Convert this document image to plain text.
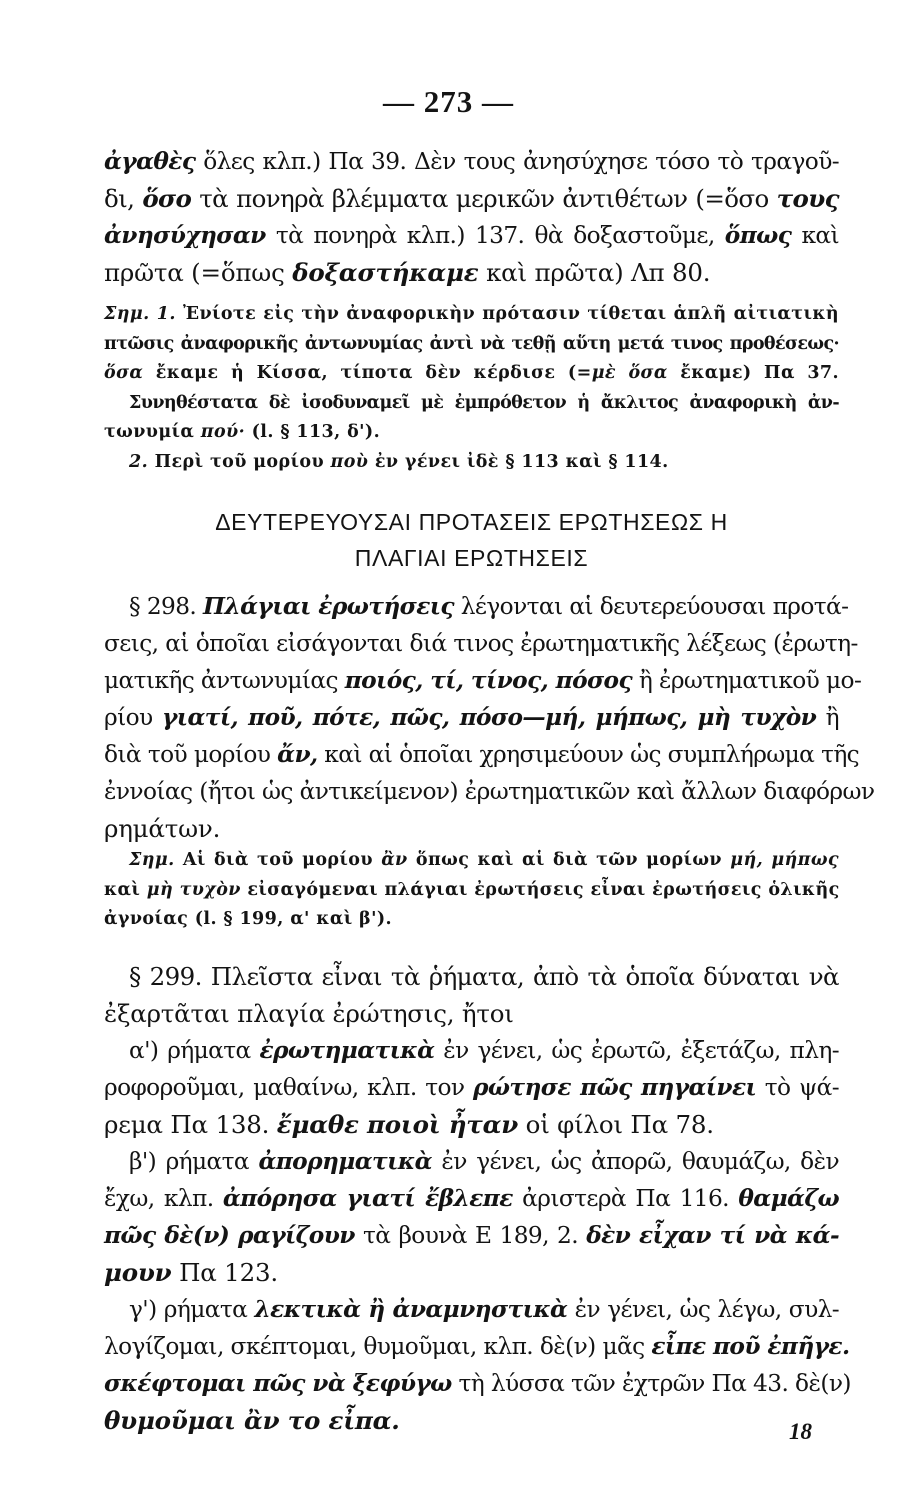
— 273 —
ἀγαθὲς ὅλες κλπ.) Πα 39. Δὲν τους ἀνησύχησε τόσο τὸ τραγοῦ-
δι, ὅσο τὰ πονηρὰ βλέμματα μερικῶν ἀντιθέτων (=ὅσο τους
ἀνησύχησαν τὰ πονηρὰ κλπ.) 137. θὰ δοξαστοῦμε, ὅπως καὶ
πρῶτα (=ὅπως δοξαστήκαμε καὶ πρῶτα) Λπ 80.
Σημ. 1. Ἐνίοτε εἰς τὴν ἀναφορικὴν πρότασιν τίθεται ἁπλῆ αἰτιατικὴ
πτῶσις ἀναφορικῆς ἀντωνυμίας ἀντὶ νὰ τεθῇ αὕτη μετά τινος προθέσεως·
ὅσα ἔκαμε ἡ Κίσσα, τίποτα δὲν κέρδισε (=μὲ ὅσα ἔκαμε) Πα 37.
Συνηθέστατα δὲ ἰσοδυναμεῖ μὲ ἐμπρόθετον ἡ ἄκλιτος ἀναφορικὴ ἀν-
τωνυμία πού· (l. § 113, δ').
2. Περὶ τοῦ μορίου ποὺ ἐν γένει ἰδὲ § 113 καὶ § 114.
ΔΕΥΤΕΡΕΥΟΥΣΑΙ ΠΡΟΤΑΣΕΙΣ ΕΡΩΤΗΣΕΩΣ Η
ΠΛΑΓΙΑΙ ΕΡΩΤΗΣΕΙΣ
§ 298. Πλάγιαι ἐρωτήσεις λέγονται αἱ δευτερεύουσαι προτά-
σεις, αἱ ὁποῖαι εἰσάγονται διά τινος ἐρωτηματικῆς λέξεως (ἐρωτη-
ματικῆς ἀντωνυμίας ποιός, τί, τίνος, πόσος ἢ ἐρωτηματικοῦ μο-
ρίου γιατί, ποῦ, πότε, πῶς, πόσο—μή, μήπως, μὴ τυχὸν ἢ
διὰ τοῦ μορίου ἄν, καὶ αἱ ὁποῖαι χρησιμεύουν ὡς συμπλήρωμα τῆς
ἐννοίας (ἤτοι ὡς ἀντικείμενον) ἐρωτηματικῶν καὶ ἄλλων διαφόρων
ρημάτων.
Σημ. Αἱ διὰ τοῦ μορίου ἂν ὅπως καὶ αἱ διὰ τῶν μορίων μή, μήπως
καὶ μὴ τυχὸν εἰσαγόμεναι πλάγιαι ἐρωτήσεις εἶναι ἐρωτήσεις ὁλικῆς
ἀγνοίας (l. § 199, α' καὶ β').
§ 299. Πλεῖστα εἶναι τὰ ῥήματα, ἀπὸ τὰ ὁποῖα δύναται νὰ
ἐξαρτᾶται πλαγία ἐρώτησις, ἤτοι
α') ρήματα ἐρωτηματικὰ ἐν γένει, ὡς ἐρωτῶ, ἐξετάζω, πλη-
ροφοροῦμαι, μαθαίνω, κλπ. τον ρώτησε πῶς πηγαίνει τὸ ψά-
ρεμα Πα 138. ἔμαθε ποιοὶ ἦταν οἱ φίλοι Πα 78.
β') ρήματα ἀπορηματικὰ ἐν γένει, ὡς ἀπορῶ, θαυμάζω, δὲν
ἔχω, κλπ. ἀπόρησα γιατί ἔβλεπε ἀριστερὰ Πα 116. θαμάζω
πῶς δὲ(ν) ραγίζουν τὰ βουνὰ Ε 189, 2. δὲν εἶχαν τί νὰ κά-
μουν Πα 123.
γ') ρήματα λεκτικὰ ἢ ἀναμνηστικὰ ἐν γένει, ὡς λέγω, συλ-
λογίζομαι, σκέπτομαι, θυμοῦμαι, κλπ. δὲ(ν) μᾶς εἶπε ποῦ ἐπῆγε.
σκέφτομαι πῶς νὰ ξεφύγω τὴ λύσσα τῶν ἐχτρῶν Πα 43. δὲ(ν)
θυμοῦμαι ἂν το εἶπα.	18
